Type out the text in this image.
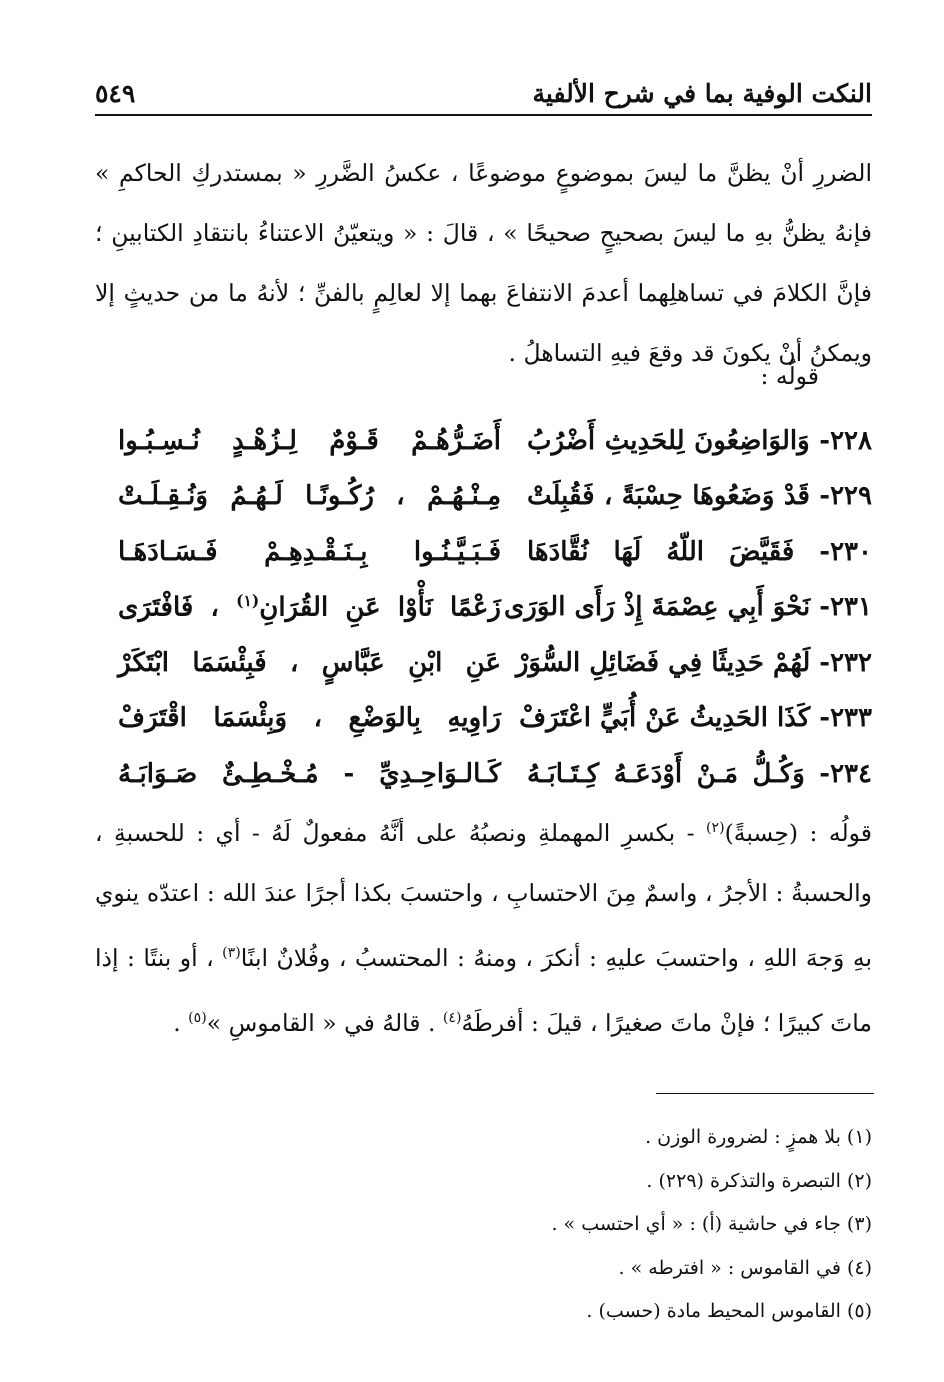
النكت الوفية بما في شرح الألفية
٥٤٩
الضررِ أنْ يظنَّ ما ليسَ بموضوعٍ موضوعًا ، عكسُ الضَّررِ « بمستدركِ الحاكمِ » فإنهُ يظنُّ بهِ ما ليسَ بصحيحٍ صحيحًا » ، قالَ : « ويتعيّنُ الاعتناءُ بانتقادِ الكتابينِ ؛ فإنَّ الكلامَ في تساهلِهما أعدمَ الانتفاعَ بهما إلا لعالِمٍ بالفنِّ ؛ لأنهُ ما من حديثٍ إلا ويمكنُ أنْ يكونَ قد وقعَ فيهِ التساهلُ .
قولُه :
٢٢٨- وَالوَاضِعُونَ لِلحَدِيثِ أَضْرُبُ
أَضَـرُّهُـمْ قَـوْمٌ لِـزُهْـدٍ نُـسِـبُـوا
٢٢٩- قَدْ وَضَعُوهَا حِسْبَةً ، فَقُبِلَتْ
مِـنْـهُـمْ ، رُكُـونًـا لَـهُـمُ وَنُـقِـلَـتْ
٢٣٠- فَقَيَّضَ اللّهُ لَهَا نُقَّادَهَا
فَـبَـيَّـنُـوا بِـنَـقْـدِهِـمْ فَـسَـادَهَـا
٢٣١- نَحْوَ أَبِي عِصْمَةَ إِذْ رَأَى الوَرَى
زَعْمًا نَأْوْا عَنِ القُرَانِ$^{(١)}$ ، فَافْتَرَى
٢٣٢- لَهُمْ حَدِيثًا فِي فَضَائِلِ السُّوَرْ
عَنِ ابْنِ عَبَّاسٍ ، فَبِئْسَمَا ابْتَكَرْ
٢٣٣- كَذَا الحَدِيثُ عَنْ أُبَيٍّ اعْتَرَفْ
رَاوِيهِ بِالوَضْعِ ، وَبِئْسَمَا اقْتَرَفْ
٢٣٤- وَكُـلُّ مَـنْ أَوْدَعَـهُ كِـتَـابَـهُ
كَـالـوَاحِـدِيِّ - مُـخْـطِـئٌ صَـوَابَـهُ
قولُه : (حِسبةً)$^{(٢)}$ - بكسرِ المهملةِ ونصبُهُ على أنَّهُ مفعولٌ لَهُ - أي : للحسبةِ ، والحسبةُ : الأجرُ ، واسمٌ مِنَ الاحتسابِ ، واحتسبَ بكذا أجرًا عندَ الله : اعتدّه ينوي بهِ وَجهَ اللهِ ، واحتسبَ عليهِ : أنكرَ ، ومنهُ : المحتسبُ ، وفُلانٌ ابنًا$^{(٣)}$ ، أو بنتًا : إذا ماتَ كبيرًا ؛ فإنْ ماتَ صغيرًا ، قيلَ : أفرطَهُ$^{(٤)}$ . قالهُ في « القاموسِ »$^{(٥)}$ .
(١) بلا همزٍ : لضرورة الوزن .
(٢) التبصرة والتذكرة (٢٢٩) .
(٣) جاء في حاشية (أ) : « أي احتسب » .
(٤) في القاموس : « افترطه » .
(٥) القاموس المحيط مادة (حسب) .
